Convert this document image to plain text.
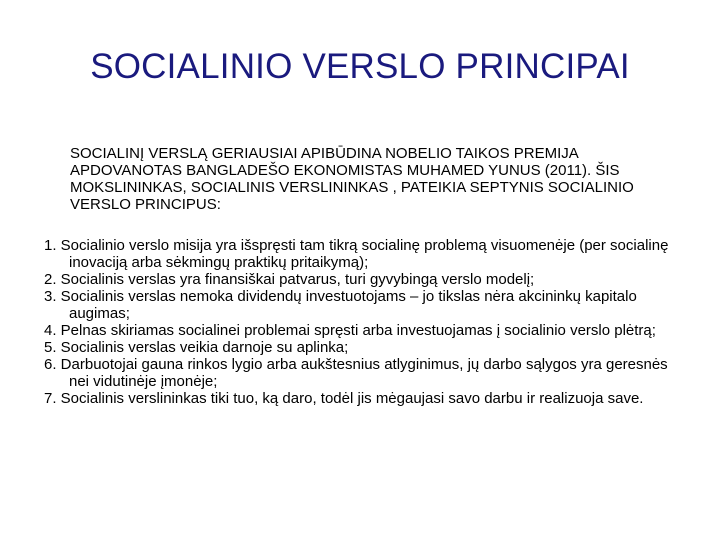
SOCIALINIO VERSLO PRINCIPAI
SOCIALINĮ VERSLĄ GERIAUSIAI APIBŪDINA NOBELIO TAIKOS PREMIJA APDOVANOTAS BANGLADEŠO EKONOMISTAS MUHAMED YUNUS (2011). ŠIS MOKSLININKAS, SOCIALINIS VERSLININKAS , PATEIKIA SEPTYNIS SOCIALINIO VERSLO PRINCIPUS:
1. Socialinio verslo misija yra išspręsti tam tikrą socialinę problemą visuomenėje (per socialinę inovaciją arba sėkmingų praktikų pritaikymą);
2. Socialinis verslas yra finansiškai patvarus, turi gyvybingą verslo modelį;
3. Socialinis verslas nemoka dividendų investuotojams – jo tikslas nėra akcininkų kapitalo augimas;
4. Pelnas skiriamas socialinei problemai spręsti arba investuojamas į socialinio verslo plėtrą;
5. Socialinis verslas veikia darnoje su aplinka;
6. Darbuotojai gauna rinkos lygio arba aukštesnius atlyginimus, jų darbo sąlygos yra geresnės nei vidutinėje įmonėje;
7. Socialinis verslininkas tiki tuo, ką daro, todėl jis mėgaujasi savo darbu ir realizuoja save.
